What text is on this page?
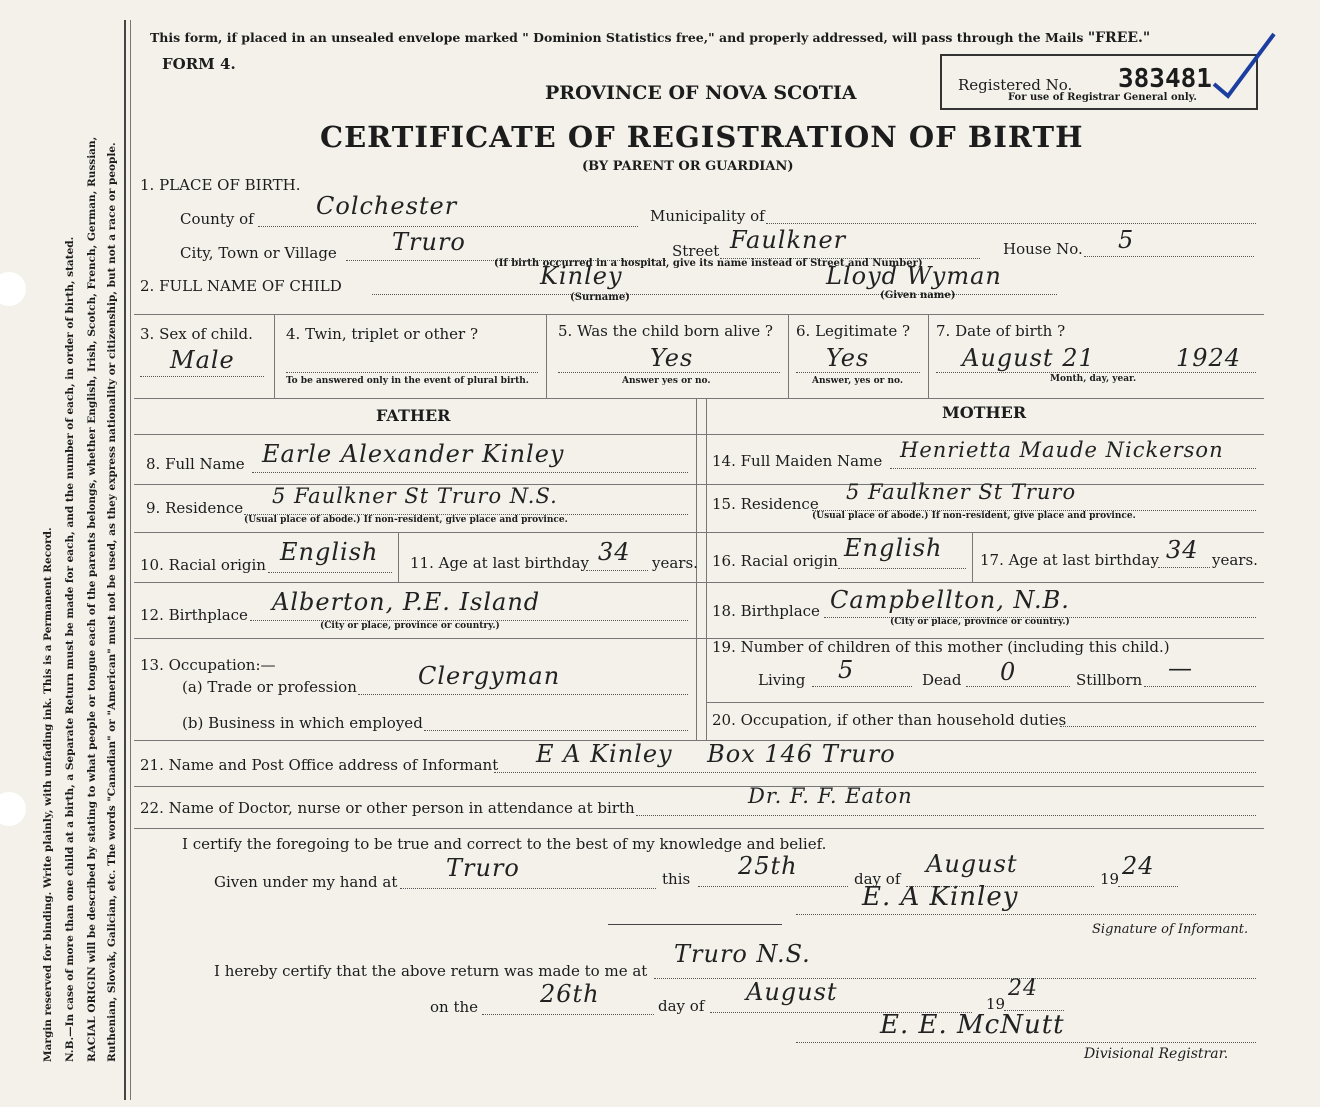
Margin reserved for binding. Write plainly, with unfading ink. This is a Permanent Record. N.B.—In case of more than one child at a birth, a Separate Return must be made for each, and the number of each, in order of birth, stated. RACIAL ORIGIN will be described by stating to what people or tongue each of the parents belongs, whether English, Irish, Scotch, French, German, Russian, Ruthenian, Slovak, Galician, etc. The words "Canadian" or "American" must not be used, as they express nationality or citizenship, but not a race or people.
This form, if placed in an unsealed envelope marked " Dominion Statistics free," and properly addressed, will pass through the Mails "FREE."
FORM 4.
Registered No. 383481
For use of Registrar General only.
PROVINCE OF NOVA SCOTIA
CERTIFICATE OF REGISTRATION OF BIRTH
(BY PARENT OR GUARDIAN)
1. PLACE OF BIRTH.
County of	Colchester	Municipality of
City, Town or Village Truro	Street Faulkner	House No. 5
(If birth occurred in a hospital, give its name instead of Street and Number)
2. FULL NAME OF CHILD	Kinley
(Surname)
Lloyd Wyman
(Given name)
3. Sex of child.
Male
4. Twin, triplet or other ?
To be answered only in the event of plural birth.
5. Was the child born alive ?
Yes
Answer yes or no.
6. Legitimate ?
Yes
Answer, yes or no.
7. Date of birth ?
August 21	1924
Month, day, year.
FATHER
8. Full Name Earle Alexander Kinley
9. Residence 5 Faulkner St Truro N.S.
(Usual place of abode.) If non-resident, give place and province.
10. Racial origin English 11. Age at last birthday 34 years.
12. Birthplace Alberton, P.E. Island
(City or place, province or country.)
13. Occupation:—
(a) Trade or profession	Clergyman
(b) Business in which employed
MOTHER
14. Full Maiden Name Henrietta Maude Nickerson
15. Residence 5 Faulkner St Truro
(Usual place of abode.) If non-resident, give place and province.
16. Racial origin English	17. Age at last birthday 34 years.
18. Birthplace Campbellton, N.B.
(City or place, province or country.)
19. Number of children of this mother (including this child.)
Living 5	Dead 0	Stillborn —
20. Occupation, if other than household duties
21. Name and Post Office address of Informant E A Kinley    Box 146 Truro
22. Name of Doctor, nurse or other person in attendance at birth	Dr. F. F. Eaton
I certify the foregoing to be true and correct to the best of my knowledge and belief.
Given under my hand at Truro	this 25th	day of
August
19 24
E. A Kinley
Signature of Informant.
I hereby certify that the above return was made to me at
Truro N.S.
on the	26th	day of August	19
24
E. E. McNutt
Divisional Registrar.
